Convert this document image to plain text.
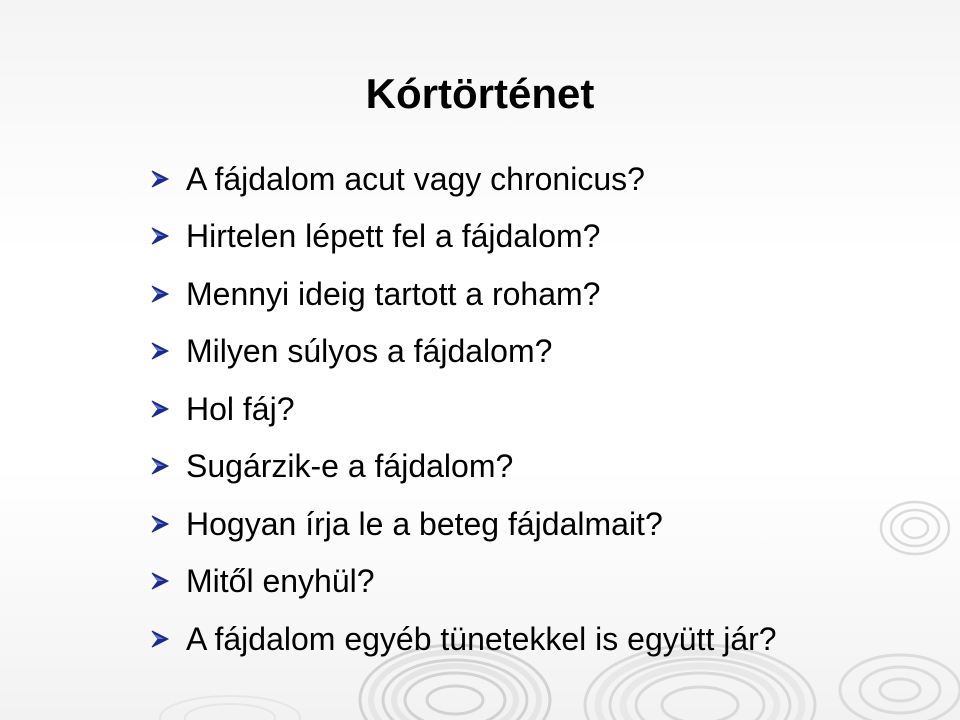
Kórtörténet
A fájdalom acut vagy chronicus?
Hirtelen lépett fel a fájdalom?
Mennyi ideig tartott a roham?
Milyen súlyos a fájdalom?
Hol fáj?
Sugárzik-e a fájdalom?
Hogyan írja le a beteg fájdalmait?
Mitől enyhül?
A fájdalom egyéb tünetekkel is együtt jár?
